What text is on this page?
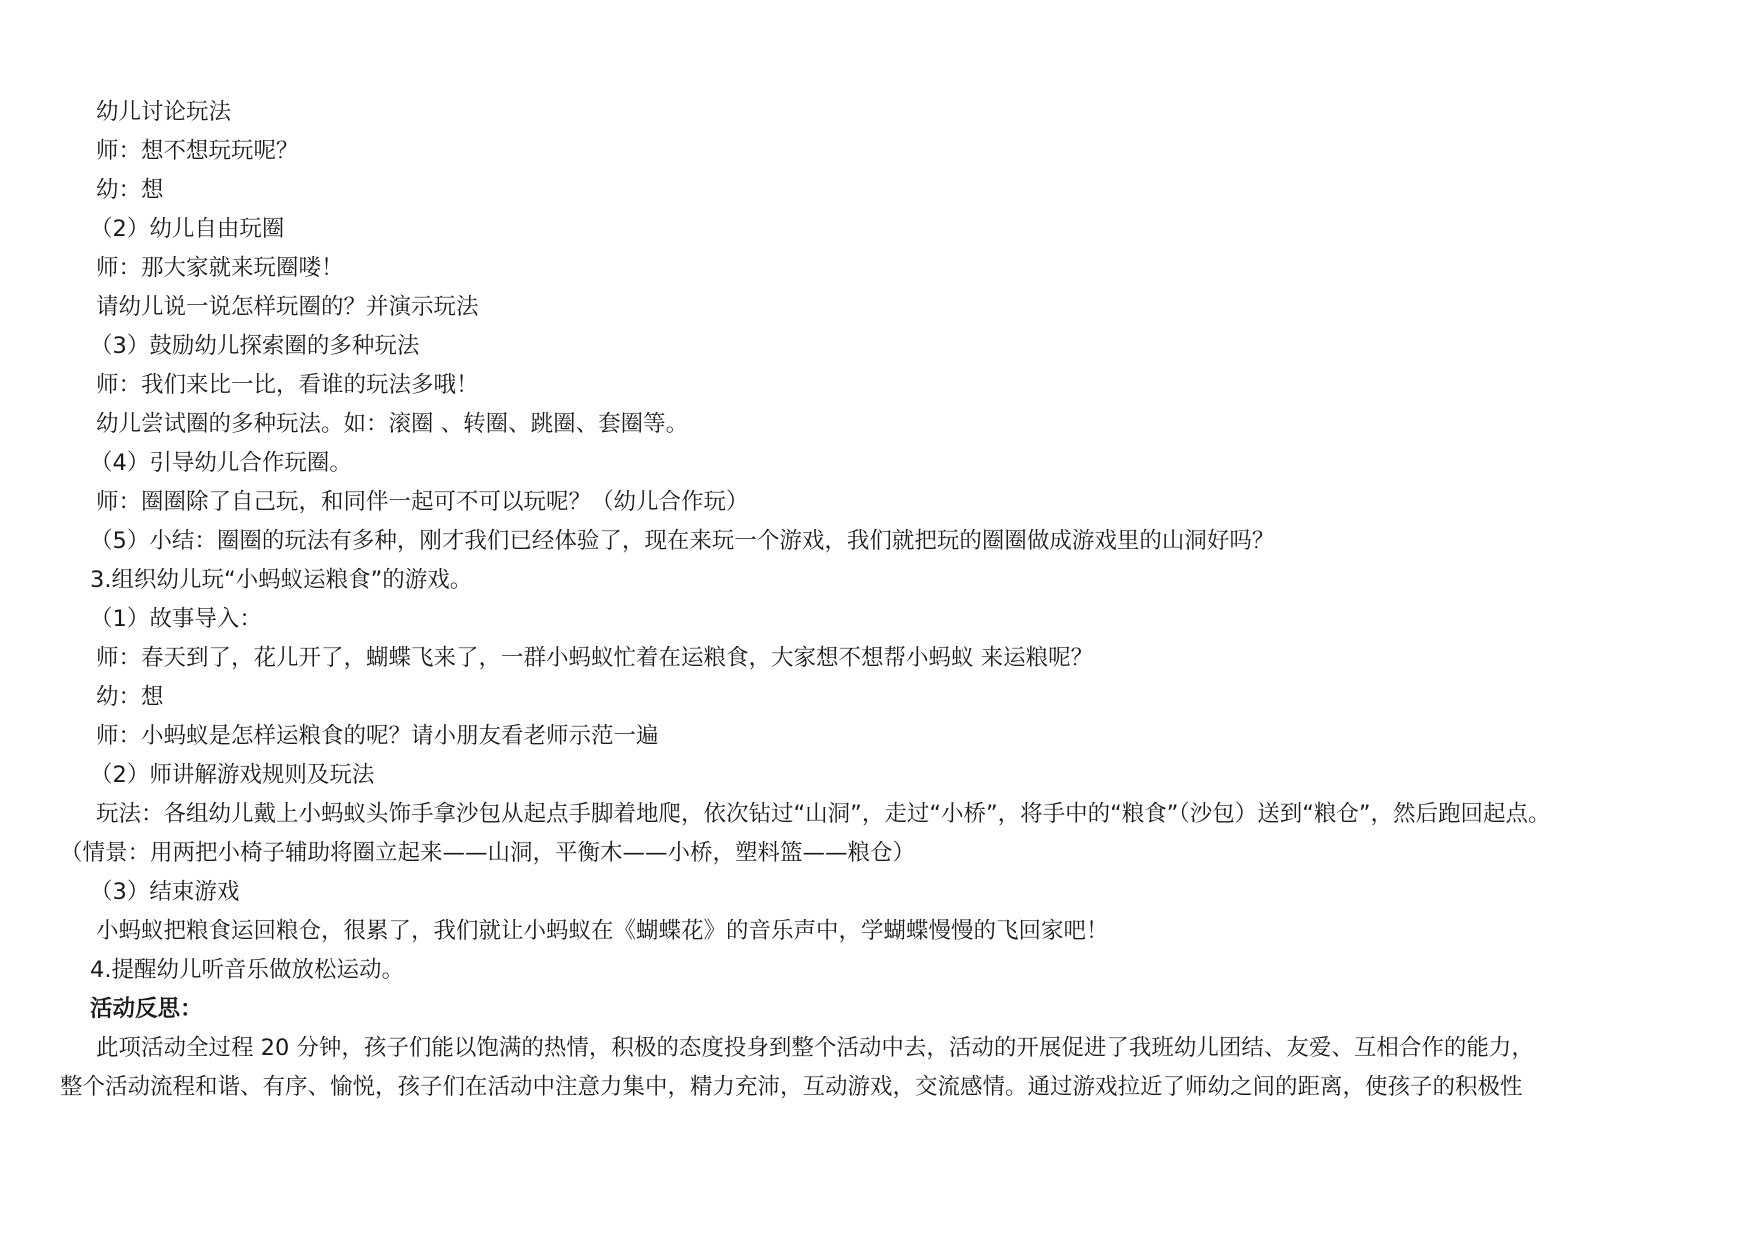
幼儿讨论玩法
师：想不想玩玩呢？
幼：想
（2）幼儿自由玩圈
师：那大家就来玩圈喽！
请幼儿说一说怎样玩圈的？并演示玩法
（3）鼓励幼儿探索圈的多种玩法
师：我们来比一比，看谁的玩法多哦！
幼儿尝试圈的多种玩法。如：滚圈 、转圈、跳圈、套圈等。
（4）引导幼儿合作玩圈。
师：圈圈除了自己玩，和同伴一起可不可以玩呢？（幼儿合作玩）
（5）小结：圈圈的玩法有多种，刚才我们已经体验了，现在来玩一个游戏，我们就把玩的圈圈做成游戏里的山洞好吗？
3.组织幼儿玩“小蚂蚁运粮食”的游戏。
（1）故事导入：
师：春天到了，花儿开了，蝴蝶飞来了，一群小蚂蚁忙着在运粮食，大家想不想帮小蚂蚁 来运粮呢？
幼：想
师：小蚂蚁是怎样运粮食的呢？请小朋友看老师示范一遍
（2）师讲解游戏规则及玩法
玩法：各组幼儿戴上小蚂蚁头饰手拿沙包从起点手脚着地爬，依次钻过“山洞”，走过“小桥”，将手中的“粮食”（沙包）送到“粮仓”，然后跑回起点。
（情景：用两把小椅子辅助将圈立起来——山洞，平衡木——小桥，塑料篮——粮仓）
（3）结束游戏
小蚂蚁把粮食运回粮仓，很累了，我们就让小蚂蚁在《蝴蝶花》的音乐声中，学蝴蝶慢慢的飞回家吧！
4.提醒幼儿听音乐做放松运动。
活动反思：
此项活动全过程 20 分钟，孩子们能以饱满的热情，积极的态度投身到整个活动中去，活动的开展促进了我班幼儿团结、友爱、互相合作的能力，
整个活动流程和谐、有序、愉悦，孩子们在活动中注意力集中，精力充沛，互动游戏，交流感情。通过游戏拉近了师幼之间的距离，使孩子的积极性
